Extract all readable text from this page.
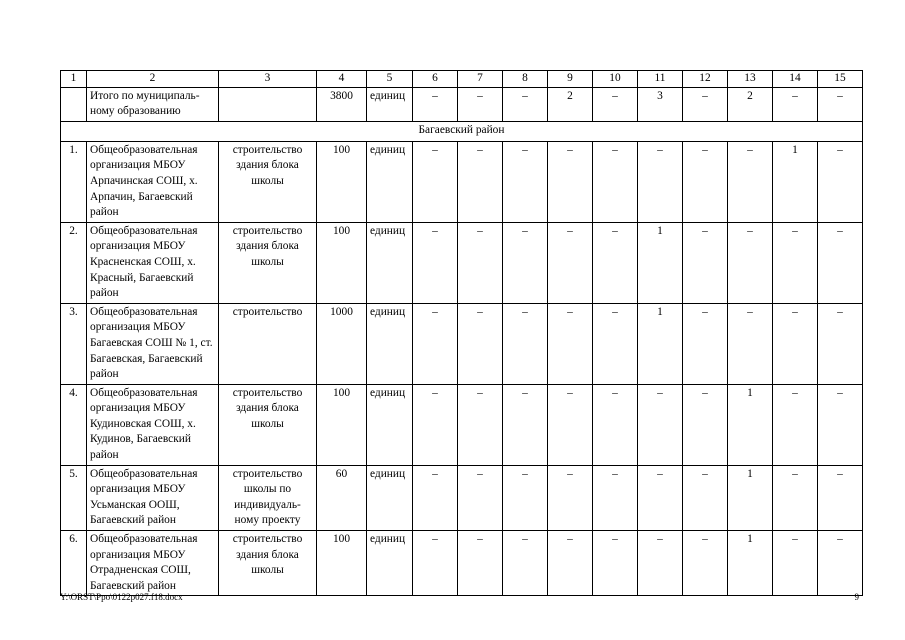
1	2	3	4	5	6	7	8	9	10	11	12	13	14	15
	Итого по муниципаль-ному образованию		3800	единиц	–	–	–	2	–	3	–	2	–	–
Багаевский район														
1.	Общеобразовательная организация МБОУ Арпачинская СОШ, х. Арпачин, Багаевский район	строительство здания блока школы	100	единиц	–	–	–	–	–	–	–	–	1	–
2.	Общеобразовательная организация МБОУ Красненская СОШ, х. Красный, Багаевский район	строительство здания блока школы	100	единиц	–	–	–	–	–	1	–	–	–	–
3.	Общеобразовательная организация МБОУ Багаевская СОШ № 1, ст. Багаевская, Багаевский район	строительство	1000	единиц	–	–	–	–	–	1	–	–	–	–
4.	Общеобразовательная организация МБОУ Кудиновская СОШ, х. Кудинов, Багаевский район	строительство здания блока школы	100	единиц	–	–	–	–	–	–	–	1	–	–
5.	Общеобразовательная организация МБОУ Усьманская ООШ, Багаевский район	строительство школы по индивидуаль-ному проекту	60	единиц	–	–	–	–	–	–	–	1	–	–
6.	Общеобразовательная организация МБОУ Отрадненская СОШ, Багаевский район	строительство здания блока школы	100	единиц	–	–	–	–	–	–	–	1	–	–
Y:\ORST\Ppo\0122p027.f18.docx	9
